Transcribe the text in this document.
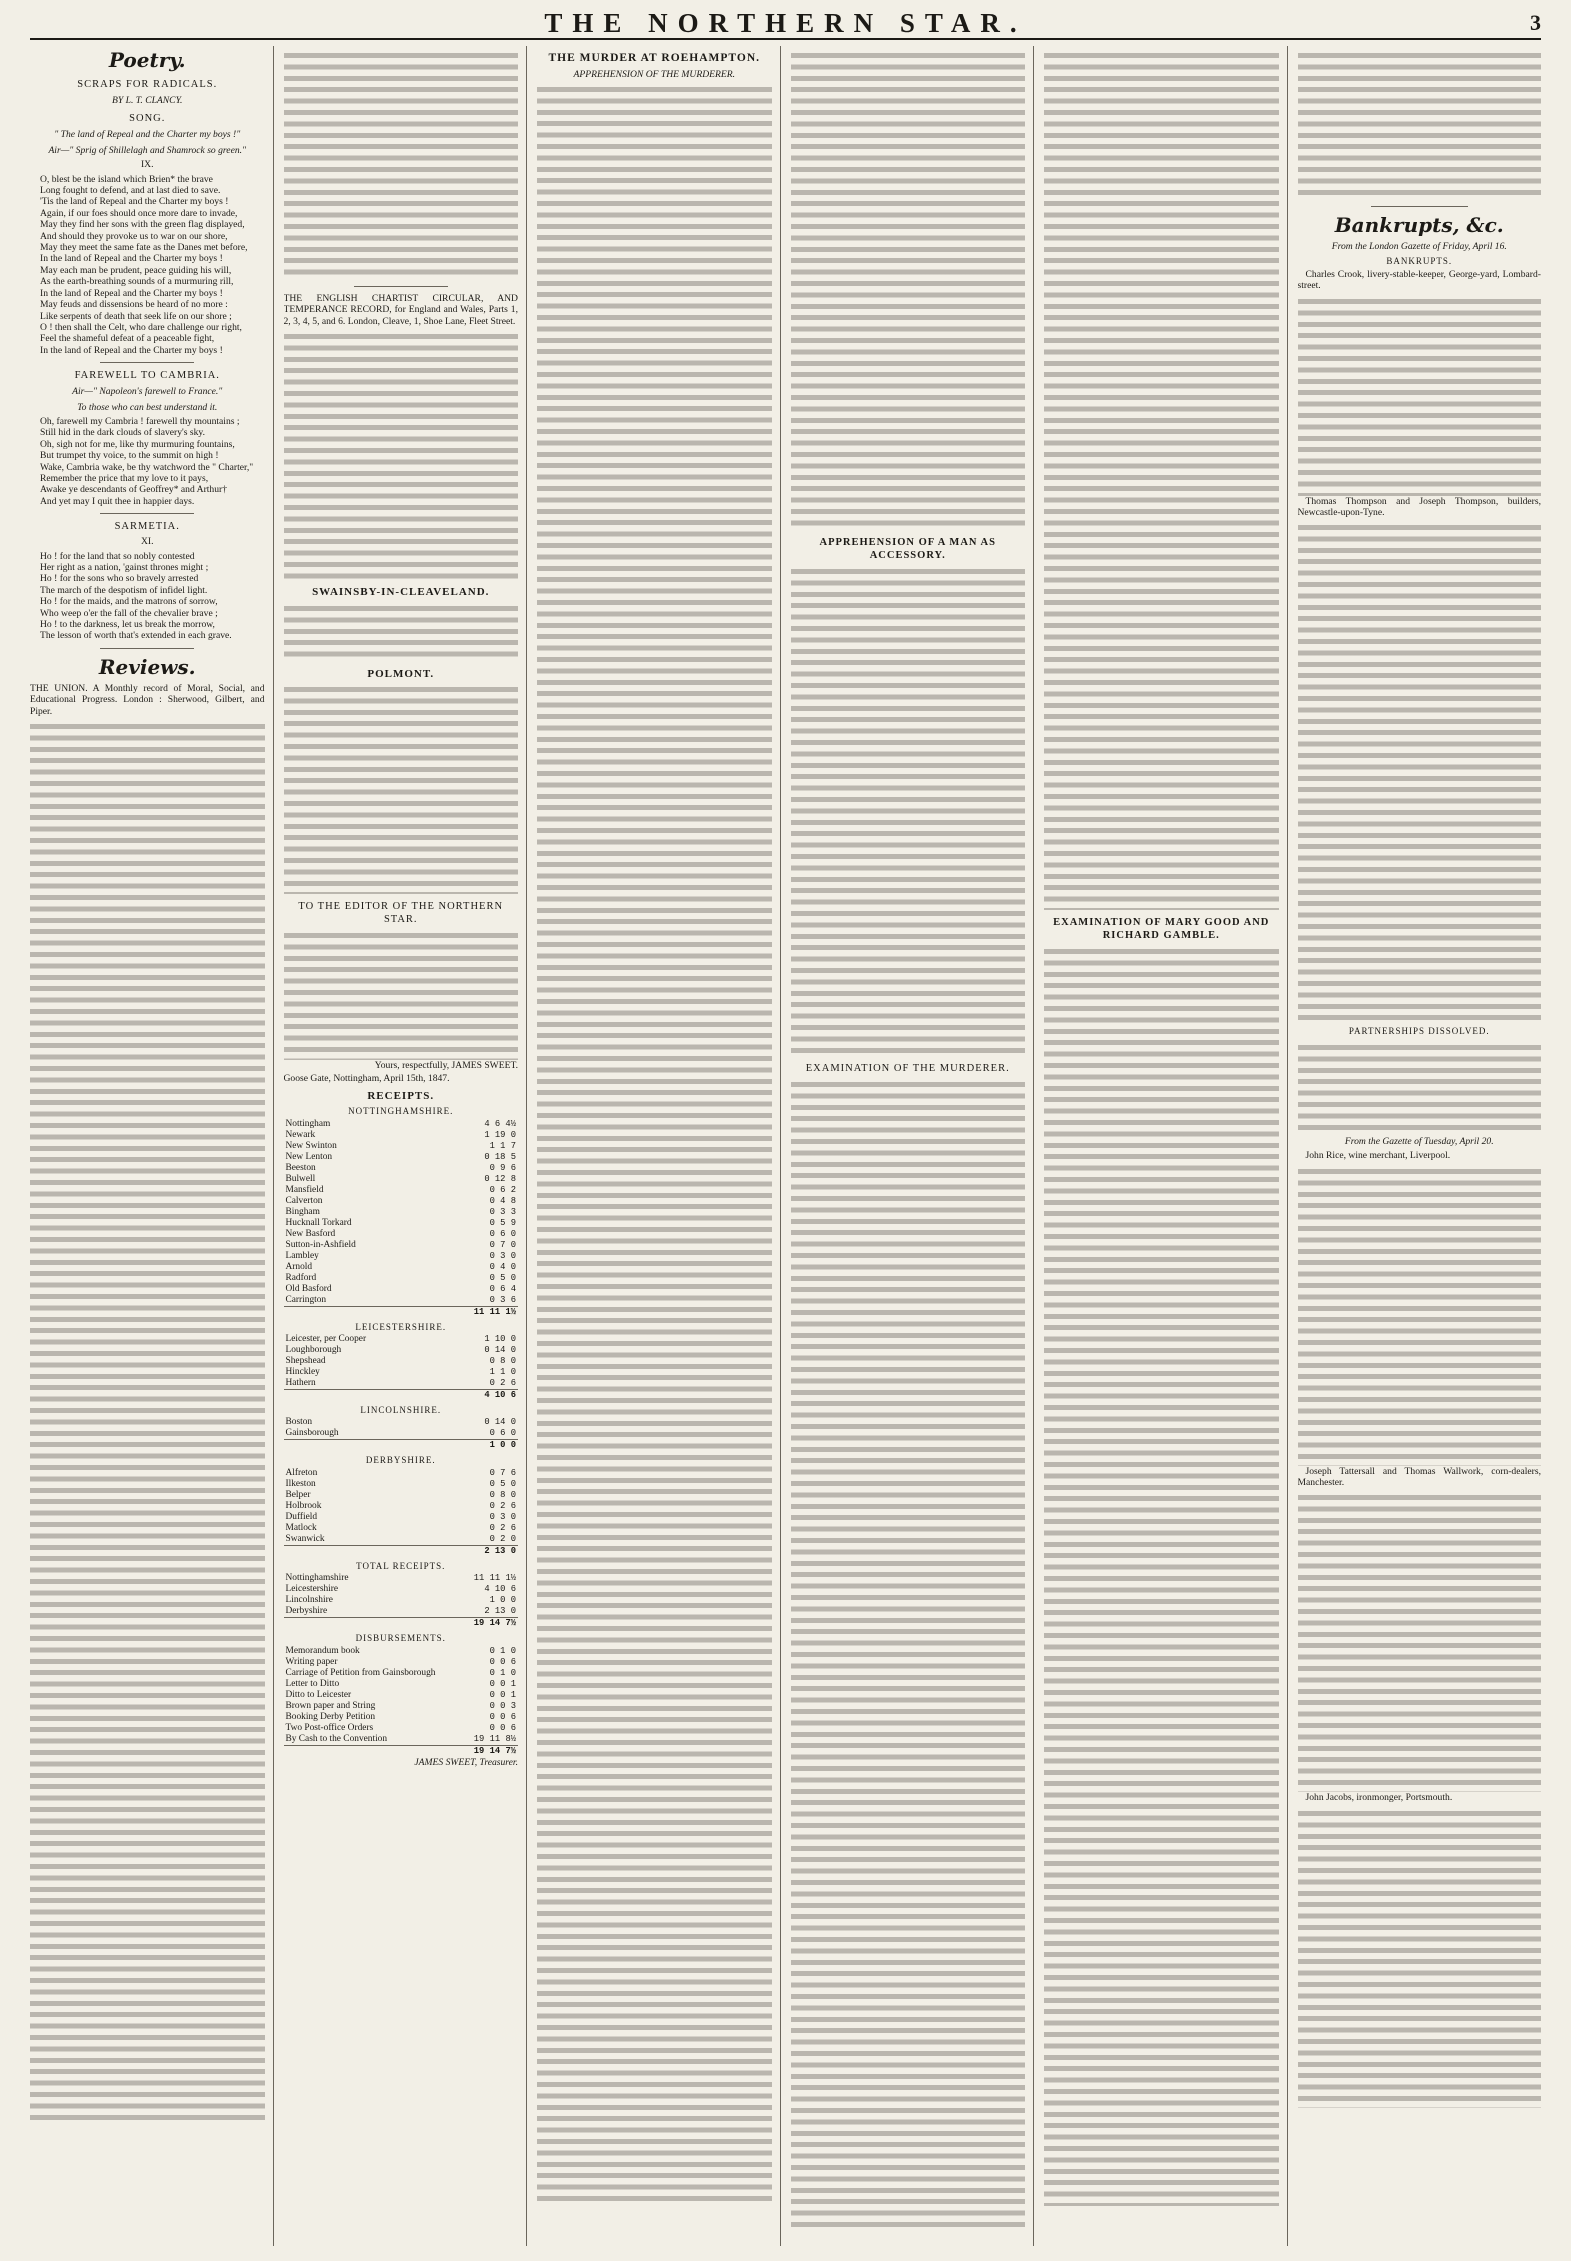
THE NORTHERN STAR.	3
Poetry.
SCRAPS FOR RADICALS.
BY L. T. CLANCY.
SONG.
" The land of Repeal and the Charter my boys !"
Air—" Sprig of Shillelagh and Shamrock so green."

IX.

O, blest be the island which Brien* the brave

Long fought to defend, and at last died to save.

'Tis the land of Repeal and the Charter my boys !

Again, if our foes should once more dare to invade,

May they find her sons with the green flag displayed,

And should they provoke us to war on our shore,

May they meet the same fate as the Danes met before,

In the land of Repeal and the Charter my boys !

May each man be prudent, peace guiding his will,

As the earth-breathing sounds of a murmuring rill,

In the land of Repeal and the Charter my boys !

May feuds and dissensions be heard of no more :

Like serpents of death that seek life on our shore ;

O ! then shall the Celt, who dare challenge our right,

Feel the shameful defeat of a peaceable fight,

In the land of Repeal and the Charter my boys !

FAREWELL TO CAMBRIA.
Air—" Napoleon's farewell to France."
To those who can best understand it.

Oh, farewell my Cambria ! farewell thy mountains ;

Still hid in the dark clouds of slavery's sky.

Oh, sigh not for me, like thy murmuring fountains,

But trumpet thy voice, to the summit on high !

Wake, Cambria wake, be thy watchword the " Charter,"

Remember the price that my love to it pays,

Awake ye descendants of Geoffrey* and Arthur†

And yet may I quit thee in happier days.

SARMETIA.

XI.

Ho ! for the land that so nobly contested

Her right as a nation, 'gainst thrones might ;

Ho ! for the sons who so bravely arrested

The march of the despotism of infidel light.

Ho ! for the maids, and the matrons of sorrow,

Who weep o'er the fall of the chevalier brave ;

Ho ! to the darkness, let us break the morrow,

The lesson of worth that's extended in each grave.

Reviews.

THE UNION. A Monthly record of Moral, Social, and Educational Progress. London : Sherwood, Gilbert, and Piper.

THE ENGLISH CHARTIST CIRCULAR, AND TEMPERANCE RECORD, for England and Wales, Parts 1, 2, 3, 4, 5, and 6. London, Cleave, 1, Shoe Lane, Fleet Street.

SWAINSBY-IN-CLEAVELAND.
POLMONT.
TO THE EDITOR OF THE NORTHERN STAR.

Yours, respectfully, JAMES SWEET.

Goose Gate, Nottingham, April 15th, 1847.

RECEIPTS.
NOTTINGHAMSHIRE.
Nottingham	4 6 4½
Newark	1 19 0
New Swinton	1 1 7
New Lenton	0 18 5
Beeston	0 9 6
Bulwell	0 12 8
Mansfield	0 6 2
Calverton	0 4 8
Bingham	0 3 3
Hucknall Torkard	0 5 9
New Basford	0 6 0
Sutton-in-Ashfield	0 7 0
Lambley	0 3 0
Arnold	0 4 0
Radford	0 5 0
Old Basford	0 6 4
Carrington	0 3 6
	11 11 1½
LEICESTERSHIRE.
Leicester, per Cooper	1 10 0
Loughborough	0 14 0
Shepshead	0 8 0
Hinckley	1 1 0
Hathern	0 2 6
	4 10 6
LINCOLNSHIRE.
Boston	0 14 0
Gainsborough	0 6 0
	1 0 0
DERBYSHIRE.
Alfreton	0 7 6
Ilkeston	0 5 0
Belper	0 8 0
Holbrook	0 2 6
Duffield	0 3 0
Matlock	0 2 6
Swanwick	0 2 0
	2 13 0
TOTAL RECEIPTS.
Nottinghamshire	11 11 1½
Leicestershire	4 10 6
Lincolnshire	1 0 0
Derbyshire	2 13 0
	19 14 7½
DISBURSEMENTS.
Memorandum book	0 1 0
Writing paper	0 0 6
Carriage of Petition from Gainsborough	0 1 0
Letter to Ditto	0 0 1
Ditto to Leicester	0 0 1
Brown paper and String	0 0 3
Booking Derby Petition	0 0 6
Two Post-office Orders	0 0 6
By Cash to the Convention	19 11 8½
	19 14 7½

JAMES SWEET, Treasurer.

THE MURDER AT ROEHAMPTON.
APPREHENSION OF THE MURDERER.
APPREHENSION OF A MAN AS ACCESSORY.
EXAMINATION OF THE MURDERER.
EXAMINATION OF MARY GOOD AND RICHARD GAMBLE.
Bankrupts, &c.
From the London Gazette of Friday, April 16.
BANKRUPTS.

Charles Crook, livery-stable-keeper, George-yard, Lombard-street.

Thomas Thompson and Joseph Thompson, builders, Newcastle-upon-Tyne.

PARTNERSHIPS DISSOLVED.
From the Gazette of Tuesday, April 20.

John Rice, wine merchant, Liverpool.

Joseph Tattersall and Thomas Wallwork, corn-dealers, Manchester.

John Jacobs, ironmonger, Portsmouth.
